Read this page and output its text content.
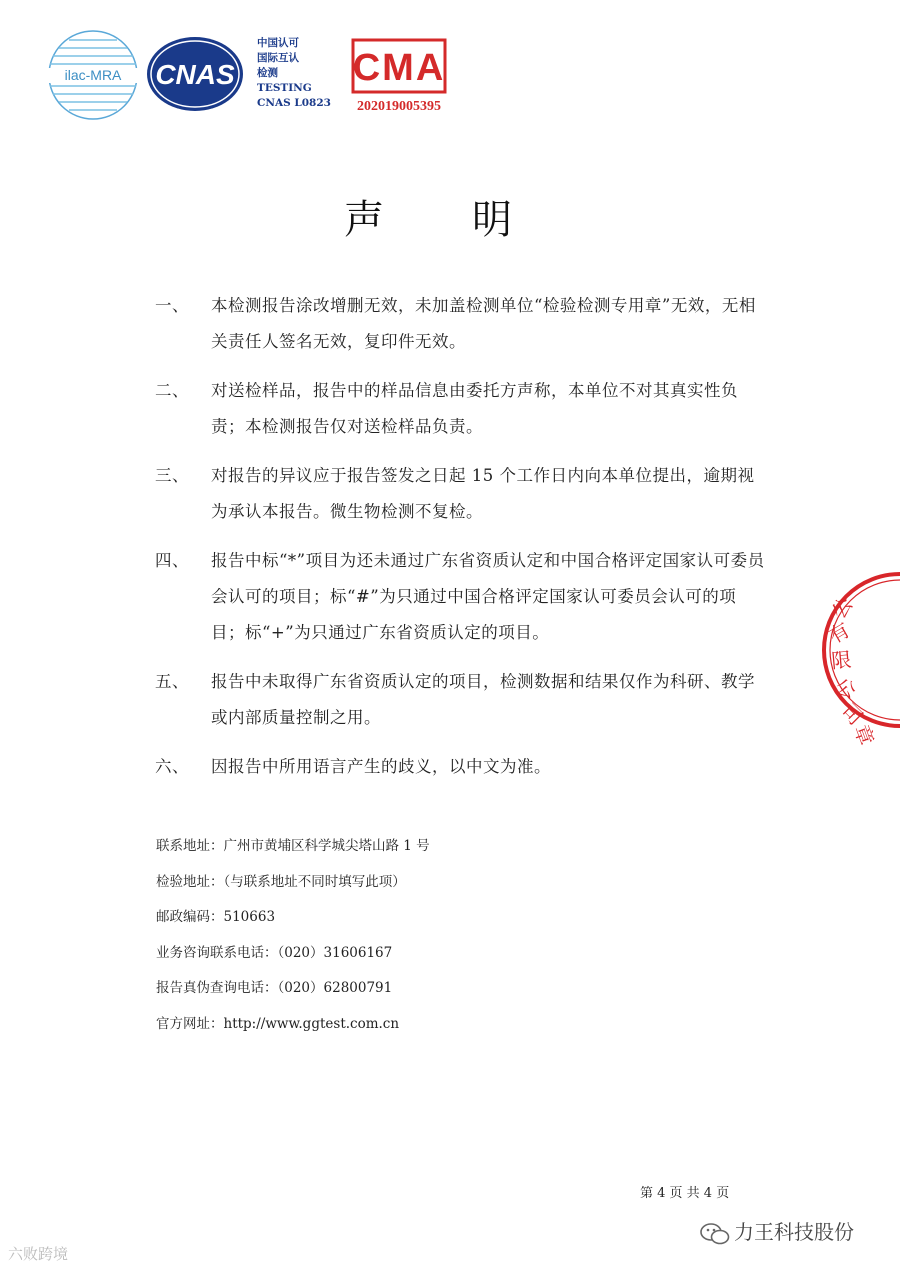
ilac-MRA CNAS
中国认可
国际互认
检测
TESTING
CNAS L0823
CMA
202019005395
声明
一、 本检测报告涂改增删无效，未加盖检测单位“检验检测专用章”无效，无相关责任人签名无效，复印件无效。
二、 对送检样品，报告中的样品信息由委托方声称，本单位不对其真实性负责；本检测报告仅对送检样品负责。
三、 对报告的异议应于报告签发之日起 15 个工作日内向本单位提出，逾期视为承认本报告。微生物检测不复检。
四、 报告中标“*”项目为还未通过广东省资质认定和中国合格评定国家认可委员会认可的项目；标“#”为只通过中国合格评定国家认可委员会认可的项目；标“+”为只通过广东省资质认定的项目。
五、 报告中未取得广东省资质认定的项目，检测数据和结果仅作为科研、教学或内部质量控制之用。
六、 因报告中所用语言产生的歧义，以中文为准。
联系地址：广州市黄埔区科学城尖塔山路 1 号
检验地址：（与联系地址不同时填写此项）
邮政编码：510663
业务咨询联系电话：（020）31606167
报告真伪查询电话：（020）62800791
官方网址：http://www.ggtest.com.cn
第 4 页 共 4 页
公
有
限
公
司
章
力王科技股份
六败跨境
